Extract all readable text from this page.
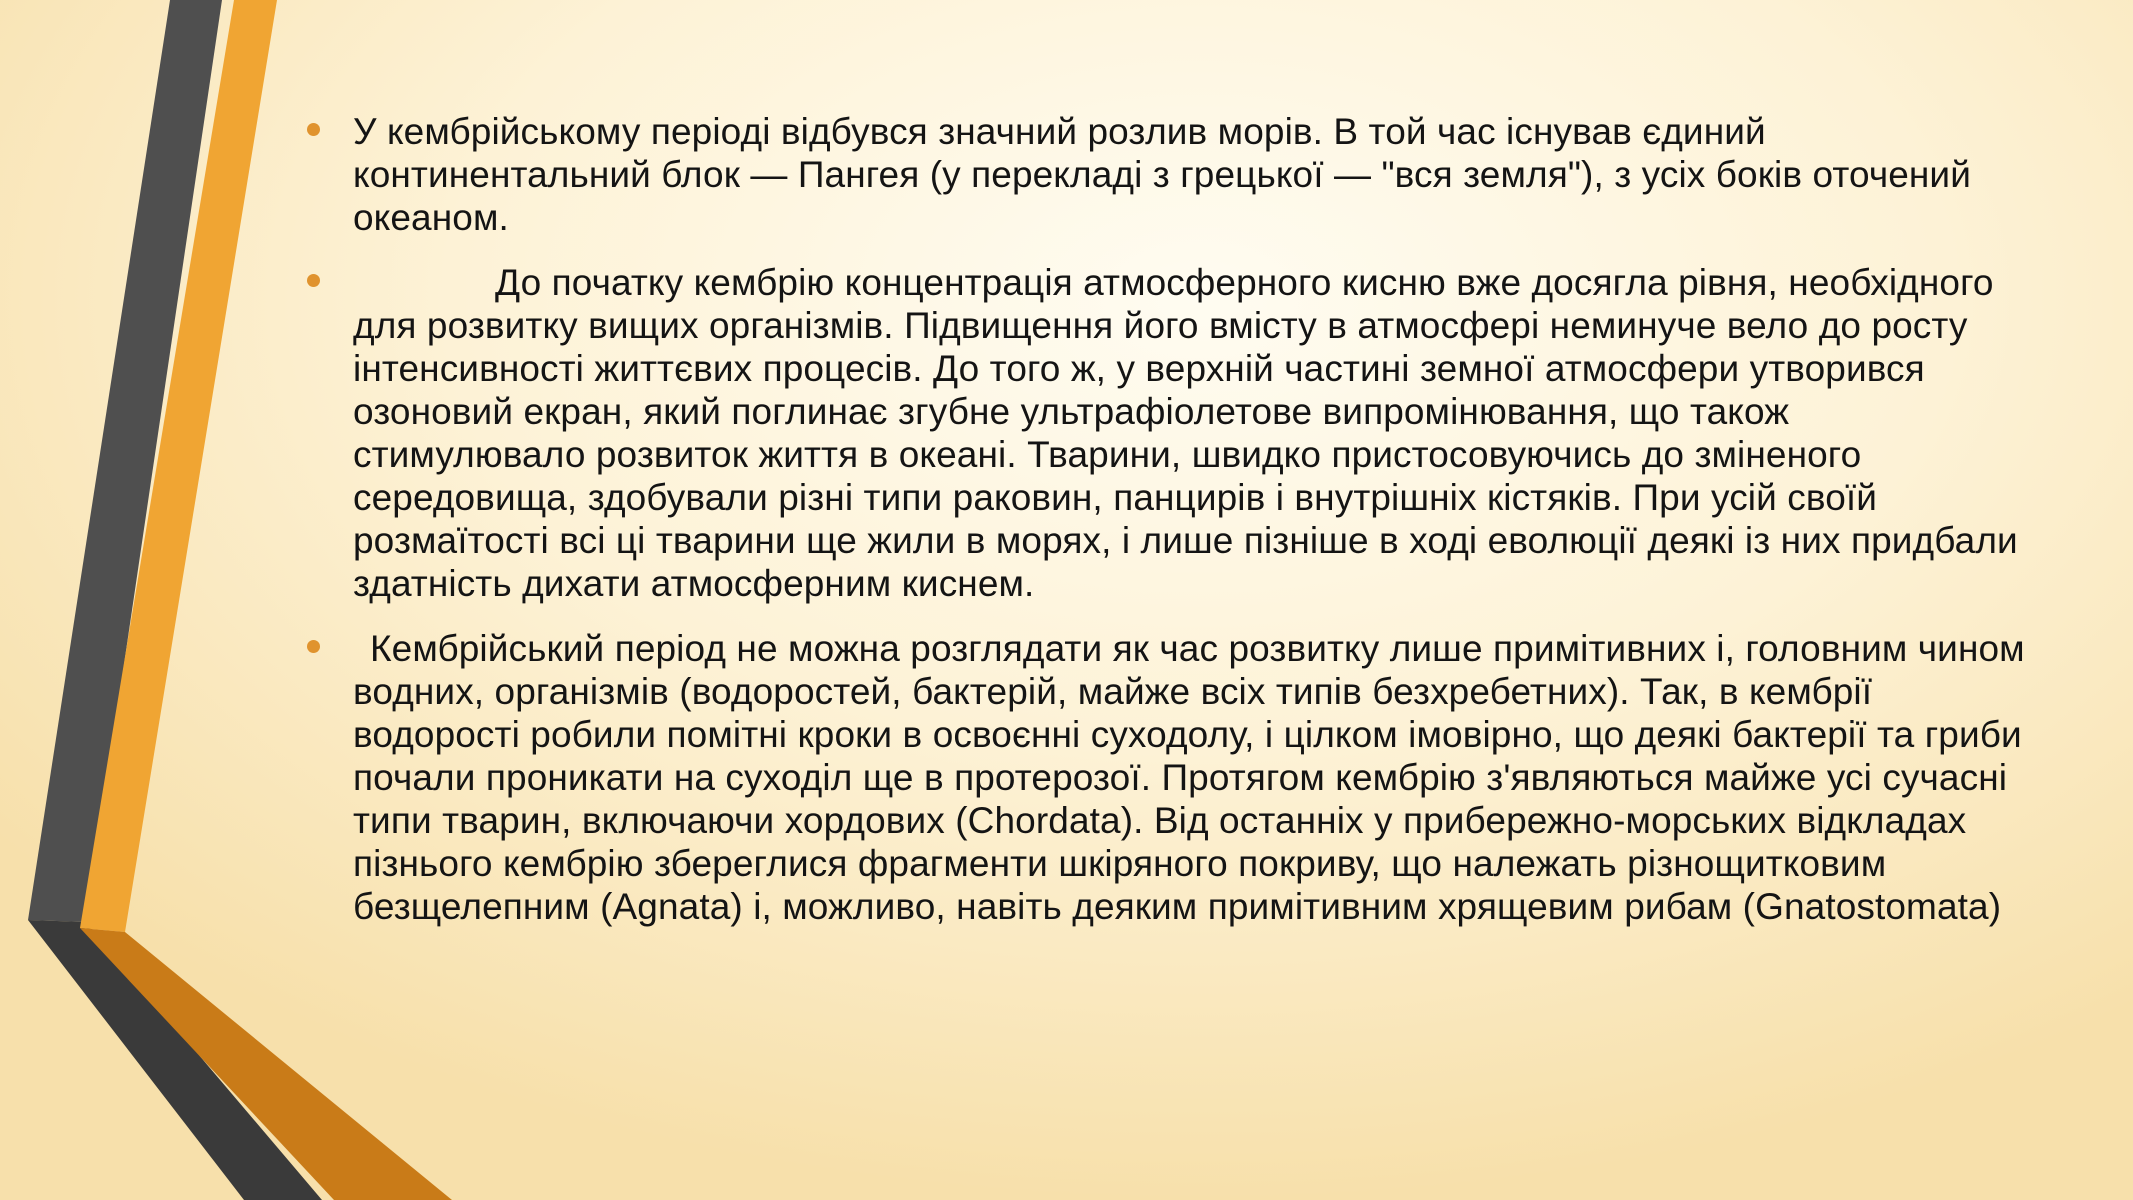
У кембрійському періоді відбувся значний розлив морів. В той час існував єдиний континентальний блок — Пангея (у перекладі з грецької — "вся земля"), з усіх боків оточений океаном.
До початку кембрію концентрація атмосферного кисню вже досягла рівня, необхідного для розвитку вищих організмів. Підвищення його вмісту в атмосфері неминуче вело до росту інтенсивності життєвих процесів. До того ж, у верхній частині земної атмосфери утворився озоновий екран, який поглинає згубне ультрафіолетове випромінювання, що також стимулювало розвиток життя в океані. Тварини, швидко пристосовуючись до зміненого середовища, здобували різні типи раковин, панцирів і внутрішніх кістяків. При усій своїй розмаїтості всі ці тварини ще жили в морях, і лише пізніше в ході еволюції деякі із них придбали здатність дихати атмосферним киснем.
Кембрійський період не можна розглядати як час розвитку лише примітивних і, головним чином водних, організмів (водоростей, бактерій, майже всіх типів безхребетних). Так, в кембрії водорості робили помітні кроки в освоєнні суходолу, і цілком імовірно, що деякі бактерії та гриби почали проникати на суходіл ще в протерозої. Протягом кембрію з'являються майже усі сучасні типи тварин, включаючи хордових (Chordata). Від останніх у прибережно-морських відкладах пізнього кембрію збереглися фрагменти шкіряного покриву, що належать різнощитковим безщелепним (Agnata) і, можливо, навіть деяким примітивним хрящевим рибам (Gnatostomata)
